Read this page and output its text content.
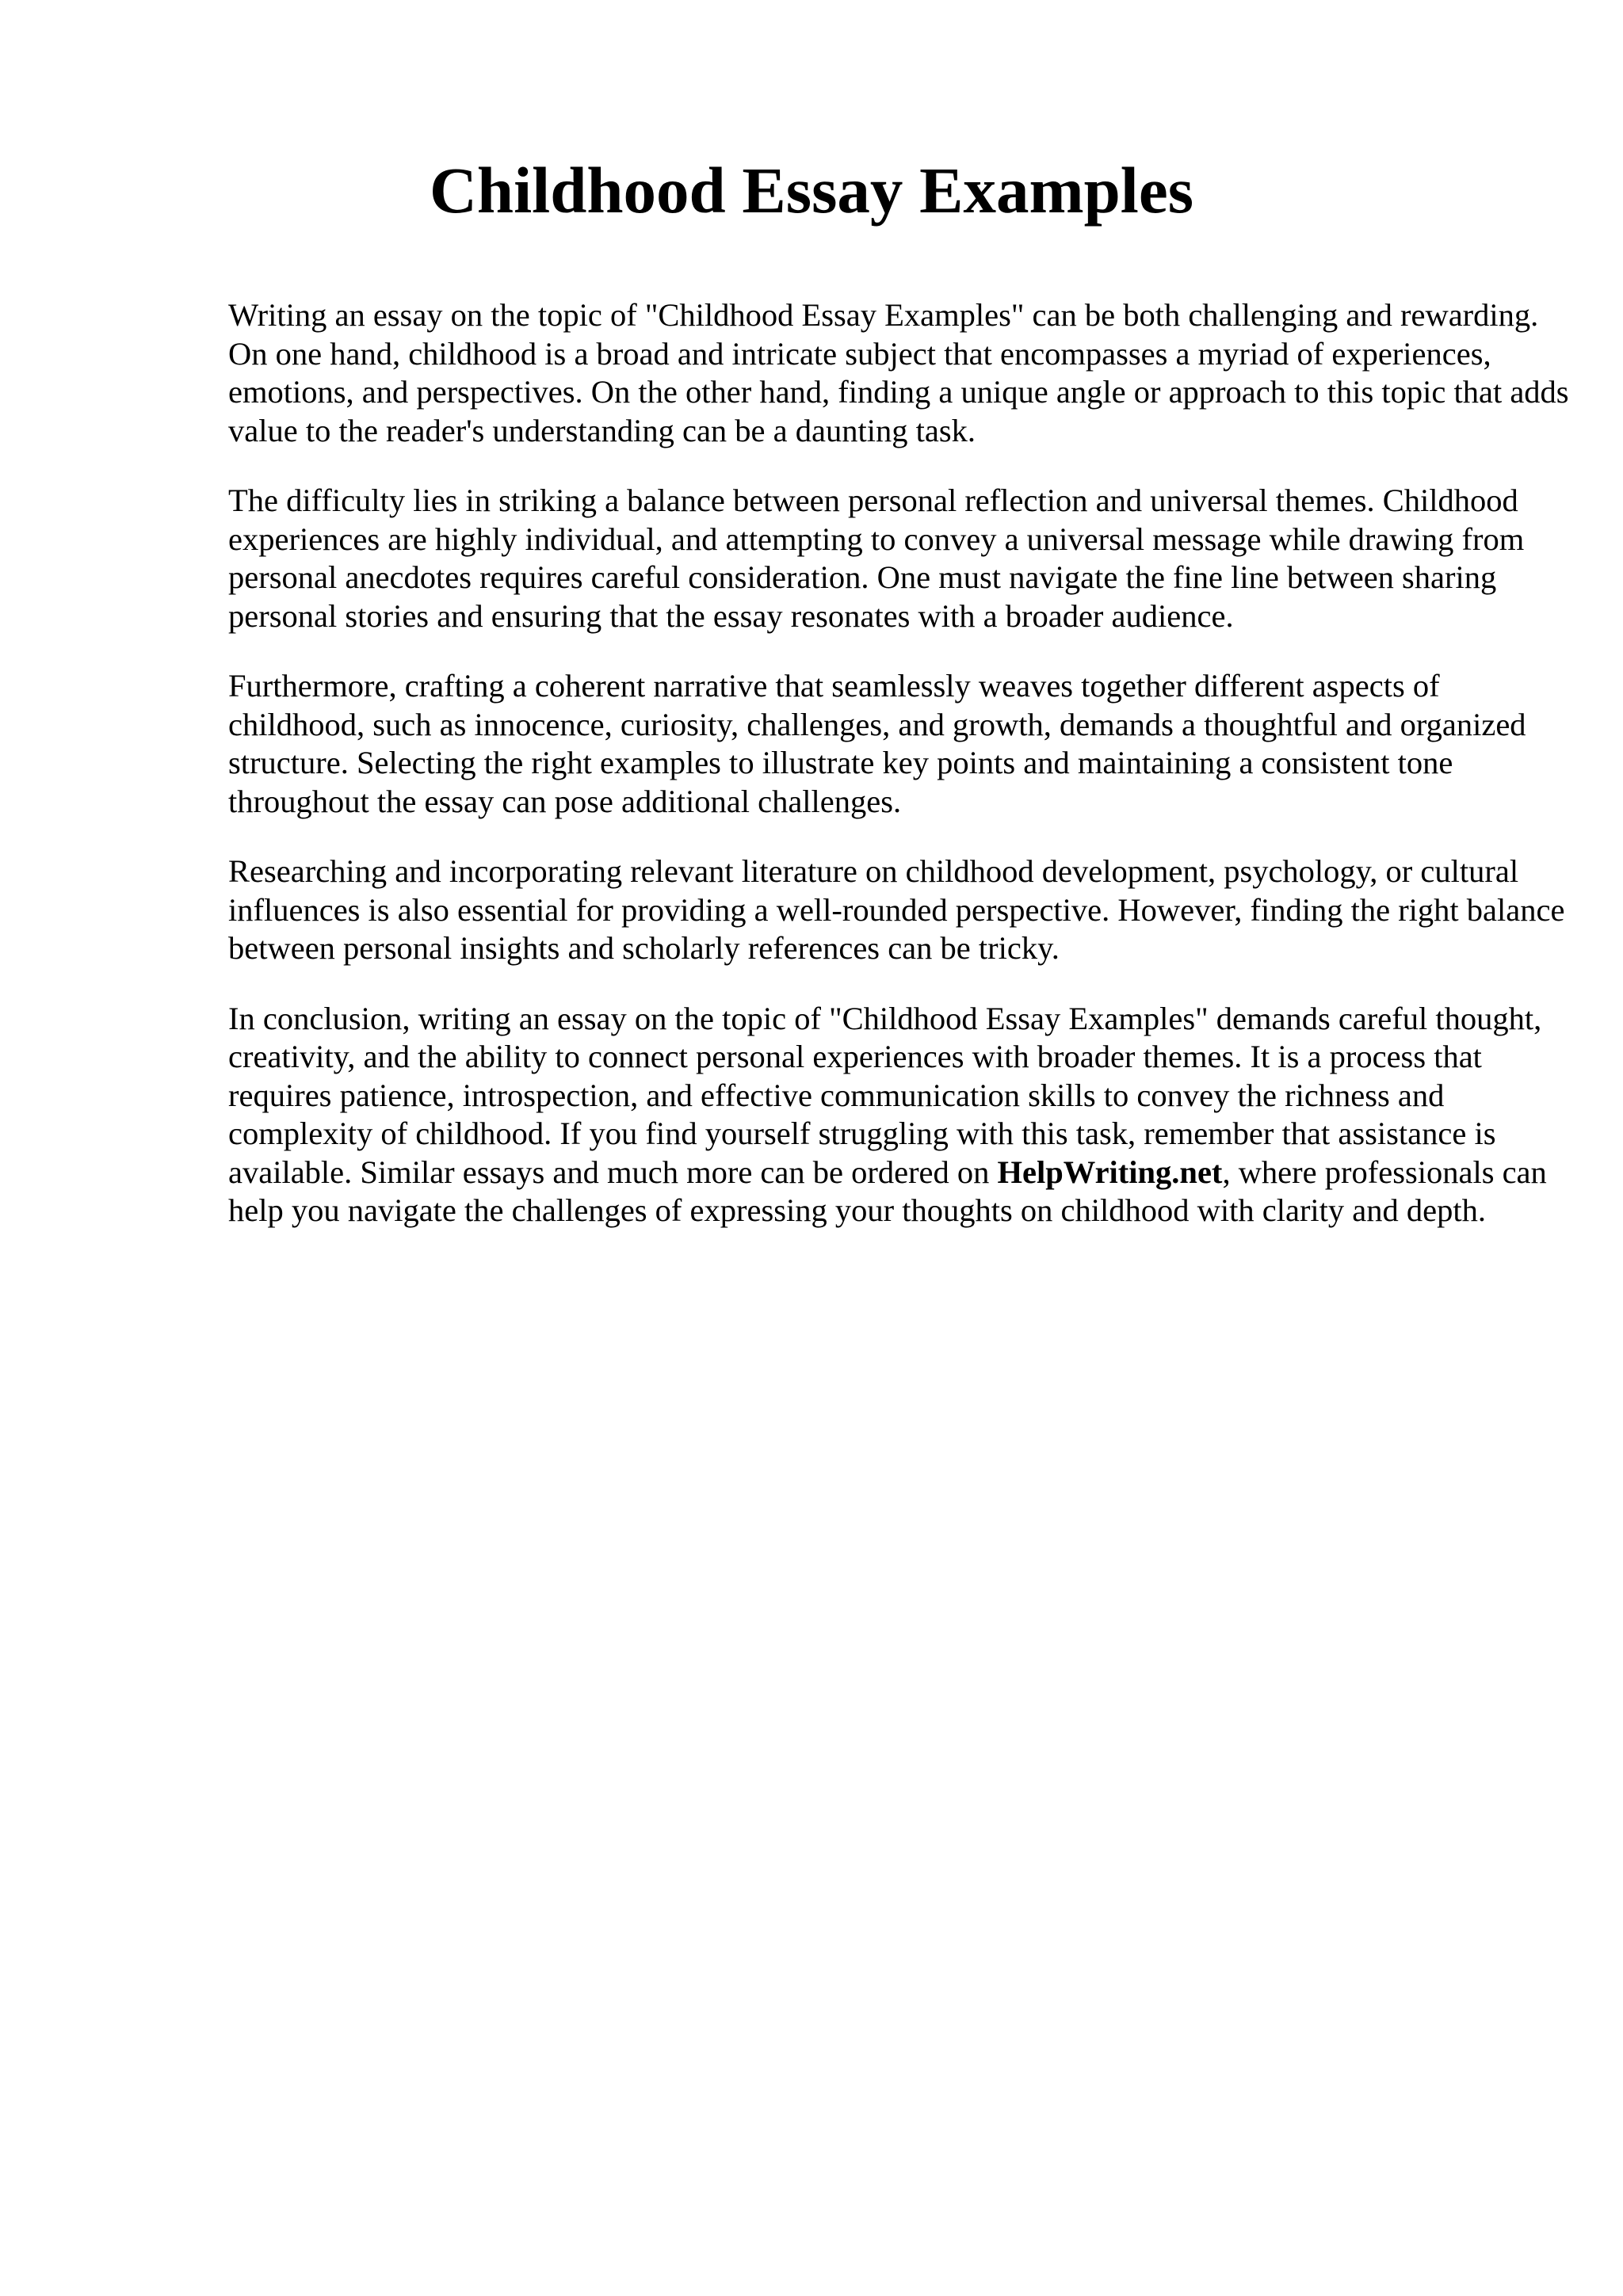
Childhood Essay Examples

Writing an essay on the topic of "Childhood Essay Examples" can be both challenging and rewarding. On one hand, childhood is a broad and intricate subject that encompasses a myriad of experiences, emotions, and perspectives. On the other hand, finding a unique angle or approach to this topic that adds value to the reader's understanding can be a daunting task.

The difficulty lies in striking a balance between personal reflection and universal themes. Childhood experiences are highly individual, and attempting to convey a universal message while drawing from personal anecdotes requires careful consideration. One must navigate the fine line between sharing personal stories and ensuring that the essay resonates with a broader audience.

Furthermore, crafting a coherent narrative that seamlessly weaves together different aspects of childhood, such as innocence, curiosity, challenges, and growth, demands a thoughtful and organized structure. Selecting the right examples to illustrate key points and maintaining a consistent tone throughout the essay can pose additional challenges.

Researching and incorporating relevant literature on childhood development, psychology, or cultural influences is also essential for providing a well-rounded perspective. However, finding the right balance between personal insights and scholarly references can be tricky.

In conclusion, writing an essay on the topic of "Childhood Essay Examples" demands careful thought, creativity, and the ability to connect personal experiences with broader themes. It is a process that requires patience, introspection, and effective communication skills to convey the richness and complexity of childhood. If you find yourself struggling with this task, remember that assistance is available. Similar essays and much more can be ordered on HelpWriting.net, where professionals can help you navigate the challenges of expressing your thoughts on childhood with clarity and depth.
